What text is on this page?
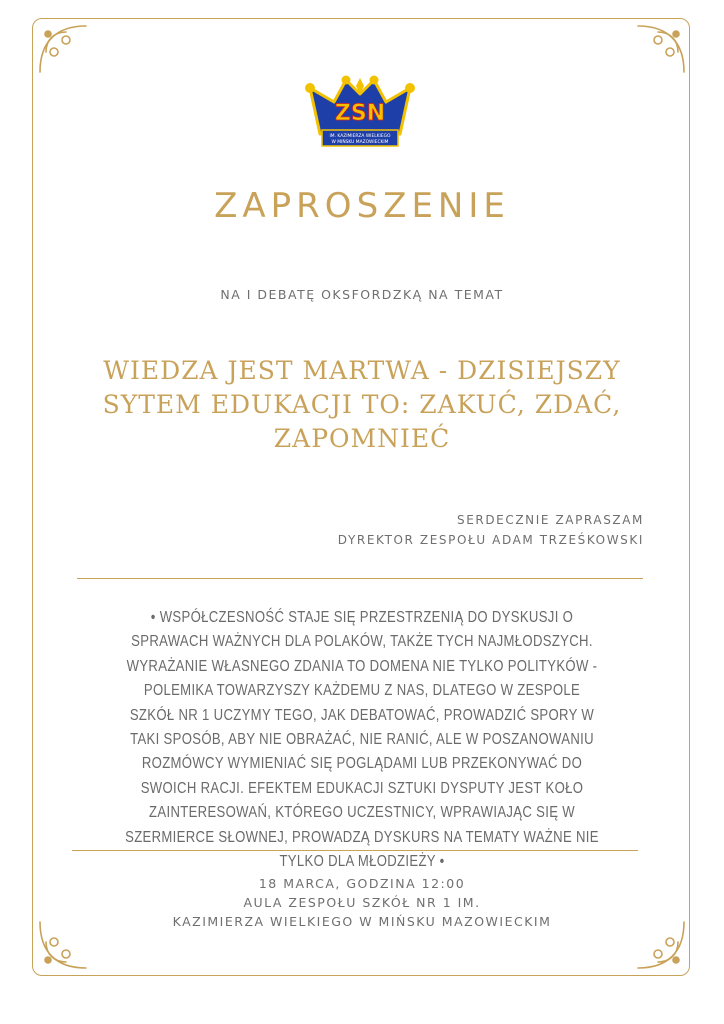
ZSN
IM. KAZIMIERZA WIELKIEGO
W MIŃSKU MAZOWIECKIM
ZAPROSZENIE
NA I DEBATĘ OKSFORDZKĄ NA TEMAT
WIEDZA JEST MARTWA - DZISIEJSZY SYTEM EDUKACJI TO: ZAKUĆ, ZDAĆ, ZAPOMNIEĆ
SERDECZNIE ZAPRASZAM
DYREKTOR ZESPOŁU ADAM TRZEŚKOWSKI
• WSPÓŁCZESNOŚĆ STAJE SIĘ PRZESTRZENIĄ DO DYSKUSJI O SPRAWACH WAŻNYCH DLA POLAKÓW, TAKŻE TYCH NAJMŁODSZYCH. WYRAŻANIE WŁASNEGO ZDANIA TO DOMENA NIE TYLKO POLITYKÓW - POLEMIKA TOWARZYSZY KAŻDEMU Z NAS, DLATEGO W ZESPOLE SZKÓŁ NR 1 UCZYMY TEGO, JAK DEBATOWAĆ, PROWADZIĆ SPORY W TAKI SPOSÓB, ABY NIE OBRAŻAĆ, NIE RANIĆ, ALE W POSZANOWANIU ROZMÓWCY WYMIENIAĆ SIĘ POGLĄDAMI LUB PRZEKONYWAĆ DO SWOICH RACJI. EFEKTEM EDUKACJI SZTUKI DYSPUTY JEST KOŁO ZAINTERESOWAŃ, KTÓREGO UCZESTNICY, WPRAWIAJĄC SIĘ W SZERMIERCE SŁOWNEJ, PROWADZĄ DYSKURS NA TEMATY WAŻNE NIE TYLKO DLA MŁODZIEŻY •
18 MARCA, GODZINA 12:00
AULA ZESPOŁU SZKÓŁ NR 1 IM.
KAZIMIERZA WIELKIEGO W MIŃSKU MAZOWIECKIM
